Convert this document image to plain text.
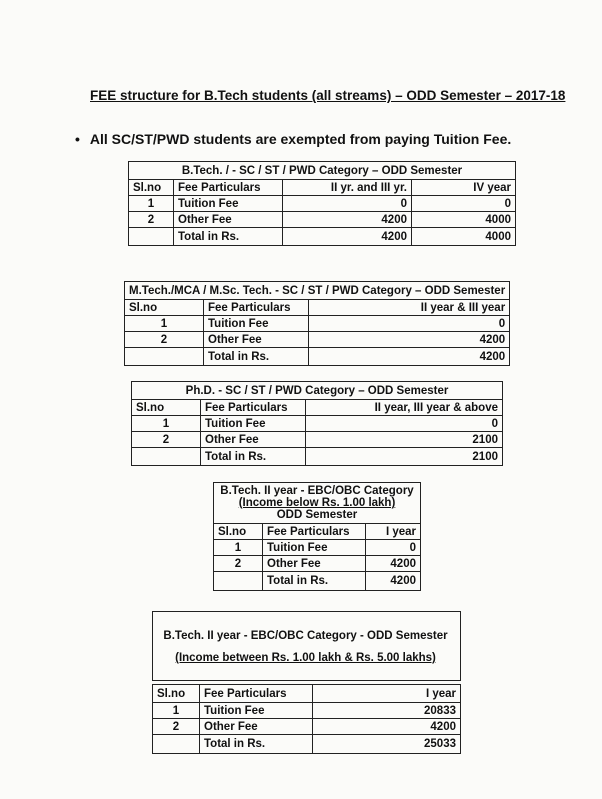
FEE structure for B.Tech students (all streams) – ODD Semester – 2017-18
• All SC/ST/PWD students are exempted from paying Tuition Fee.
B.Tech. / - SC / ST / PWD Category – ODD Semester			
Sl.no	Fee Particulars	II yr. and III yr.	IV year
1	Tuition Fee	0	0
2	Other Fee	4200	4000
	Total in Rs.	4200	4000
M.Tech./MCA / M.Sc. Tech. - SC / ST / PWD Category – ODD Semester		
Sl.no	Fee Particulars	II year & III year
1	Tuition Fee	0
2	Other Fee	4200
	Total in Rs.	4200
Ph.D. - SC / ST / PWD Category – ODD Semester		
Sl.no	Fee Particulars	II year, III year & above
1	Tuition Fee	0
2	Other Fee	2100
	Total in Rs.	2100
B.Tech. II year - EBC/OBC Category
(Income below Rs. 1.00 lakh)
ODD Semester		

Sl.no	Fee Particulars	I year
1	Tuition Fee	0
2	Other Fee	4200
	Total in Rs.	4200
B.Tech. II year - EBC/OBC Category - ODD Semester
(Income between Rs. 1.00 lakh & Rs. 5.00 lakhs)
Sl.no	Fee Particulars	I year
1	Tuition Fee	20833
2	Other Fee	4200
	Total in Rs.	25033
